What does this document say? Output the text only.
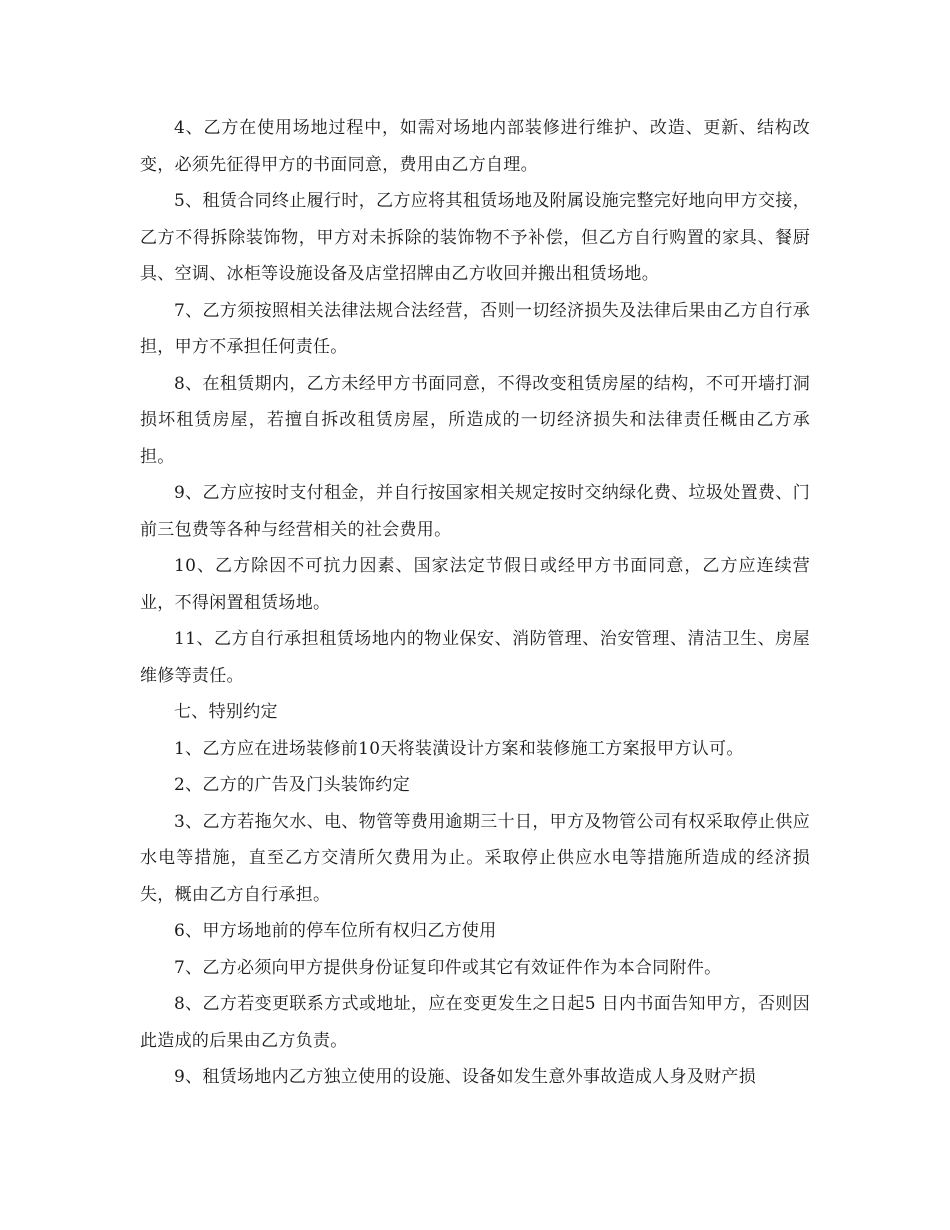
4、乙方在使用场地过程中，如需对场地内部装修进行维护、改造、更新、结构改变，必须先征得甲方的书面同意，费用由乙方自理。

5、租赁合同终止履行时，乙方应将其租赁场地及附属设施完整完好地向甲方交接，乙方不得拆除装饰物，甲方对未拆除的装饰物不予补偿，但乙方自行购置的家具、餐厨具、空调、冰柜等设施设备及店堂招牌由乙方收回并搬出租赁场地。

7、乙方须按照相关法律法规合法经营，否则一切经济损失及法律后果由乙方自行承担，甲方不承担任何责任。

8、在租赁期内，乙方未经甲方书面同意，不得改变租赁房屋的结构，不可开墙打洞损坏租赁房屋，若擅自拆改租赁房屋，所造成的一切经济损失和法律责任概由乙方承担。

9、乙方应按时支付租金，并自行按国家相关规定按时交纳绿化费、垃圾处置费、门前三包费等各种与经营相关的社会费用。

10、乙方除因不可抗力因素、国家法定节假日或经甲方书面同意，乙方应连续营业，不得闲置租赁场地。

11、乙方自行承担租赁场地内的物业保安、消防管理、治安管理、清洁卫生、房屋维修等责任。

七、特别约定

1、乙方应在进场装修前10天将装潢设计方案和装修施工方案报甲方认可。

2、乙方的广告及门头装饰约定

3、乙方若拖欠水、电、物管等费用逾期三十日，甲方及物管公司有权采取停止供应水电等措施，直至乙方交清所欠费用为止。采取停止供应水电等措施所造成的经济损失，概由乙方自行承担。

6、甲方场地前的停车位所有权归乙方使用

7、乙方必须向甲方提供身份证复印件或其它有效证件作为本合同附件。

8、乙方若变更联系方式或地址，应在变更发生之日起5 日内书面告知甲方，否则因此造成的后果由乙方负责。

9、租赁场地内乙方独立使用的设施、设备如发生意外事故造成人身及财产损
